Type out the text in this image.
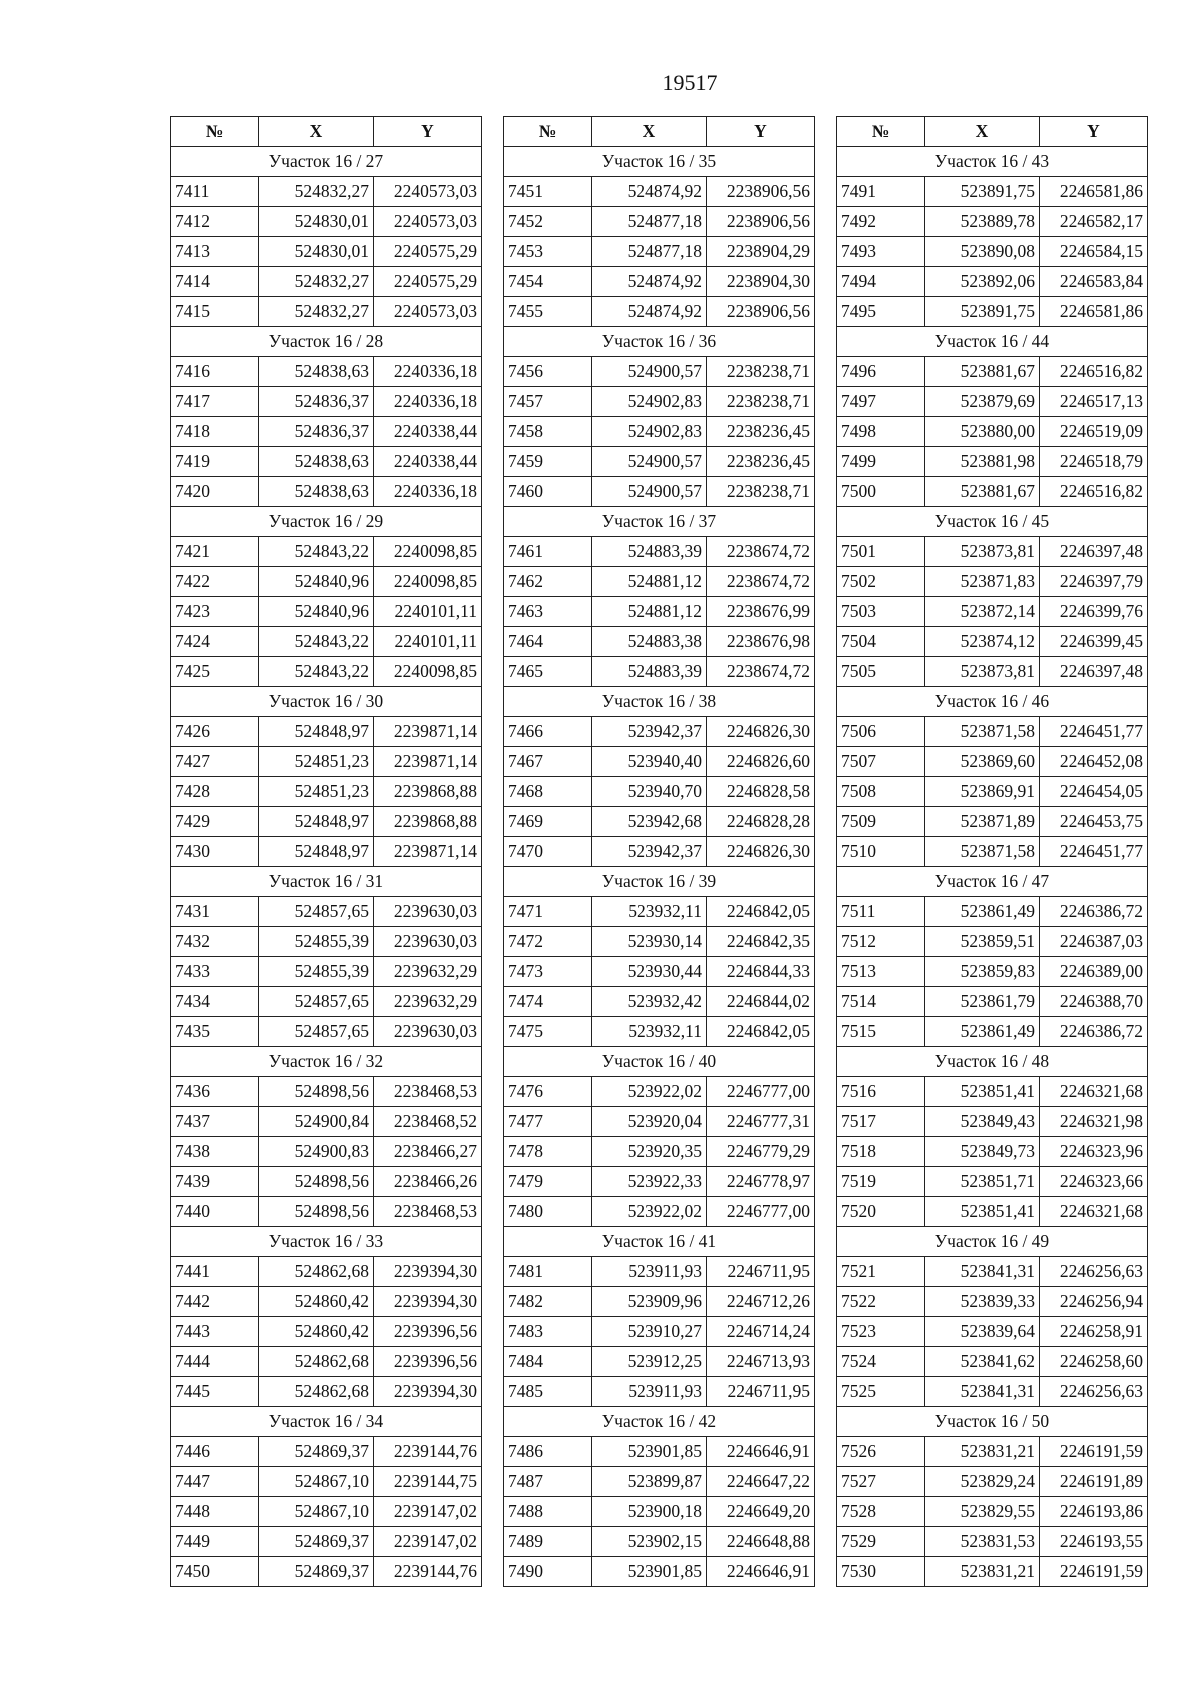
19517
№	X	Y
Участок 16 / 27		
7411	524832,27	2240573,03
7412	524830,01	2240573,03
7413	524830,01	2240575,29
7414	524832,27	2240575,29
7415	524832,27	2240573,03
Участок 16 / 28		
7416	524838,63	2240336,18
7417	524836,37	2240336,18
7418	524836,37	2240338,44
7419	524838,63	2240338,44
7420	524838,63	2240336,18
Участок 16 / 29		
7421	524843,22	2240098,85
7422	524840,96	2240098,85
7423	524840,96	2240101,11
7424	524843,22	2240101,11
7425	524843,22	2240098,85
Участок 16 / 30		
7426	524848,97	2239871,14
7427	524851,23	2239871,14
7428	524851,23	2239868,88
7429	524848,97	2239868,88
7430	524848,97	2239871,14
Участок 16 / 31		
7431	524857,65	2239630,03
7432	524855,39	2239630,03
7433	524855,39	2239632,29
7434	524857,65	2239632,29
7435	524857,65	2239630,03
Участок 16 / 32		
7436	524898,56	2238468,53
7437	524900,84	2238468,52
7438	524900,83	2238466,27
7439	524898,56	2238466,26
7440	524898,56	2238468,53
Участок 16 / 33		
7441	524862,68	2239394,30
7442	524860,42	2239394,30
7443	524860,42	2239396,56
7444	524862,68	2239396,56
7445	524862,68	2239394,30
Участок 16 / 34		
7446	524869,37	2239144,76
7447	524867,10	2239144,75
7448	524867,10	2239147,02
7449	524869,37	2239147,02
7450	524869,37	2239144,76
№	X	Y
Участок 16 / 35		
7451	524874,92	2238906,56
7452	524877,18	2238906,56
7453	524877,18	2238904,29
7454	524874,92	2238904,30
7455	524874,92	2238906,56
Участок 16 / 36		
7456	524900,57	2238238,71
7457	524902,83	2238238,71
7458	524902,83	2238236,45
7459	524900,57	2238236,45
7460	524900,57	2238238,71
Участок 16 / 37		
7461	524883,39	2238674,72
7462	524881,12	2238674,72
7463	524881,12	2238676,99
7464	524883,38	2238676,98
7465	524883,39	2238674,72
Участок 16 / 38		
7466	523942,37	2246826,30
7467	523940,40	2246826,60
7468	523940,70	2246828,58
7469	523942,68	2246828,28
7470	523942,37	2246826,30
Участок 16 / 39		
7471	523932,11	2246842,05
7472	523930,14	2246842,35
7473	523930,44	2246844,33
7474	523932,42	2246844,02
7475	523932,11	2246842,05
Участок 16 / 40		
7476	523922,02	2246777,00
7477	523920,04	2246777,31
7478	523920,35	2246779,29
7479	523922,33	2246778,97
7480	523922,02	2246777,00
Участок 16 / 41		
7481	523911,93	2246711,95
7482	523909,96	2246712,26
7483	523910,27	2246714,24
7484	523912,25	2246713,93
7485	523911,93	2246711,95
Участок 16 / 42		
7486	523901,85	2246646,91
7487	523899,87	2246647,22
7488	523900,18	2246649,20
7489	523902,15	2246648,88
7490	523901,85	2246646,91
№	X	Y
Участок 16 / 43		
7491	523891,75	2246581,86
7492	523889,78	2246582,17
7493	523890,08	2246584,15
7494	523892,06	2246583,84
7495	523891,75	2246581,86
Участок 16 / 44		
7496	523881,67	2246516,82
7497	523879,69	2246517,13
7498	523880,00	2246519,09
7499	523881,98	2246518,79
7500	523881,67	2246516,82
Участок 16 / 45		
7501	523873,81	2246397,48
7502	523871,83	2246397,79
7503	523872,14	2246399,76
7504	523874,12	2246399,45
7505	523873,81	2246397,48
Участок 16 / 46		
7506	523871,58	2246451,77
7507	523869,60	2246452,08
7508	523869,91	2246454,05
7509	523871,89	2246453,75
7510	523871,58	2246451,77
Участок 16 / 47		
7511	523861,49	2246386,72
7512	523859,51	2246387,03
7513	523859,83	2246389,00
7514	523861,79	2246388,70
7515	523861,49	2246386,72
Участок 16 / 48		
7516	523851,41	2246321,68
7517	523849,43	2246321,98
7518	523849,73	2246323,96
7519	523851,71	2246323,66
7520	523851,41	2246321,68
Участок 16 / 49		
7521	523841,31	2246256,63
7522	523839,33	2246256,94
7523	523839,64	2246258,91
7524	523841,62	2246258,60
7525	523841,31	2246256,63
Участок 16 / 50		
7526	523831,21	2246191,59
7527	523829,24	2246191,89
7528	523829,55	2246193,86
7529	523831,53	2246193,55
7530	523831,21	2246191,59
